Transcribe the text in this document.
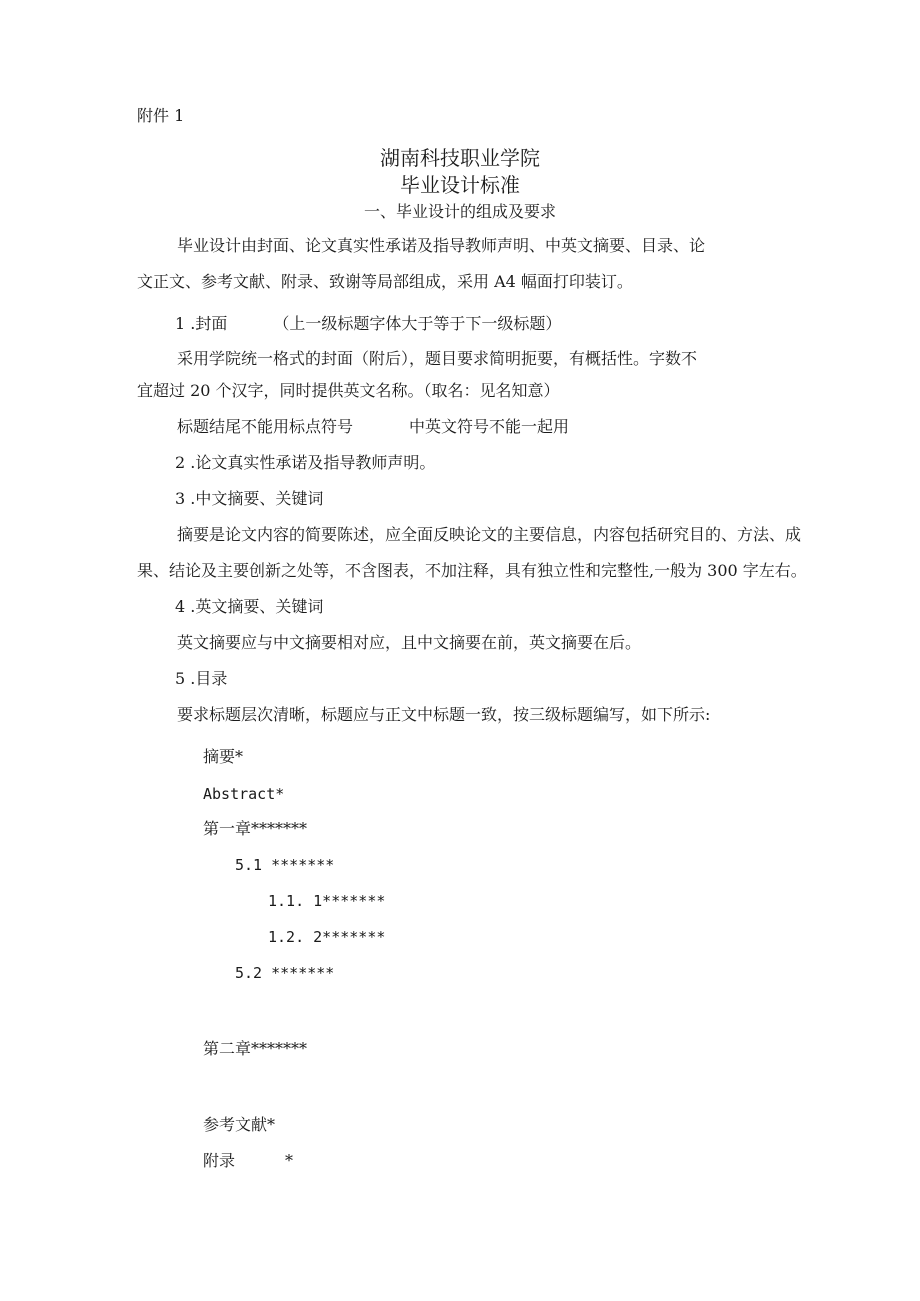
附件 1

湖南科技职业学院

毕业设计标准

一、毕业设计的组成及要求

毕业设计由封面、论文真实性承诺及指导教师声明、中英文摘要、目录、论

文正文、参考文献、附录、致谢等局部组成，采用 A4 幅面打印装订。

1 .封面	（上一级标题字体大于等于下一级标题）

采用学院统一格式的封面（附后），题目要求简明扼要，有概括性。字数不

宜超过 20 个汉字，同时提供英文名称。（取名：见名知意）

标题结尾不能用标点符号	中英文符号不能一起用

2 .论文真实性承诺及指导教师声明。

3 .中文摘要、关键词

摘要是论文内容的简要陈述，应全面反映论文的主要信息，内容包括研究目的、方法、成

果、结论及主要创新之处等，不含图表，不加注释，具有独立性和完整性,一般为 300 字左右。

4 .英文摘要、关键词

英文摘要应与中文摘要相对应，且中文摘要在前，英文摘要在后。

5 .目录

要求标题层次清晰，标题应与正文中标题一致，按三级标题编写，如下所示:

摘要*

Abstract*

第一章*******

5.1 *******

1.1. 1*******

1.2. 2*******

5.2 *******

第二章*******

参考文献*

附录	*
